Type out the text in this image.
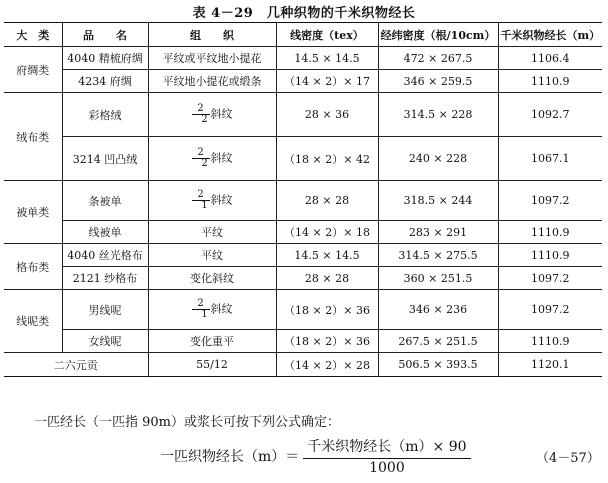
表 4－29　几种织物的千米织物经长
大　类	品　　名	组　　织	线密度（tex）	经纬密度（根/10cm）	千米织物经长（m）
府绸类	4040 精梳府绸	平纹或平纹地小提花	14.5 × 14.5	472 × 267.5	1106.4
	4234 府绸	平纹地小提花或缎条	（14 × 2）× 17	346 × 259.5	1110.9
绒布类	彩格绒	$\frac{2}{2}$ 斜纹	28 × 36	314.5 × 228	1092.7
	3214 凹凸绒	$\frac{2}{2}$ 斜纹	（18 × 2）× 42	240 × 228	1067.1
被单类	条被单	$\frac{2}{1}$ 斜纹	28 × 28	318.5 × 244	1097.2
	线被单	平纹	（14 × 2）× 18	283 × 291	1110.9
格布类	4040 丝光格布	平纹	14.5 × 14.5	314.5 × 275.5	1110.9
	2121 纱格布	变化斜纹	28 × 28	360 × 251.5	1097.2
线呢类	男线呢	$\frac{2}{1}$ 斜纹	（18 × 2）× 36	346 × 236	1097.2
	女线呢	变化重平	（18 × 2）× 36	267.5 × 251.5	1110.9
二六元贡		55/12	（14 × 2）× 28	506.5 × 393.5	1120.1
一匹经长（一匹指 90m）或浆长可按下列公式确定：
一匹织物经长（m）＝
千米织物经长（m）× 90
1000
（4－57）
